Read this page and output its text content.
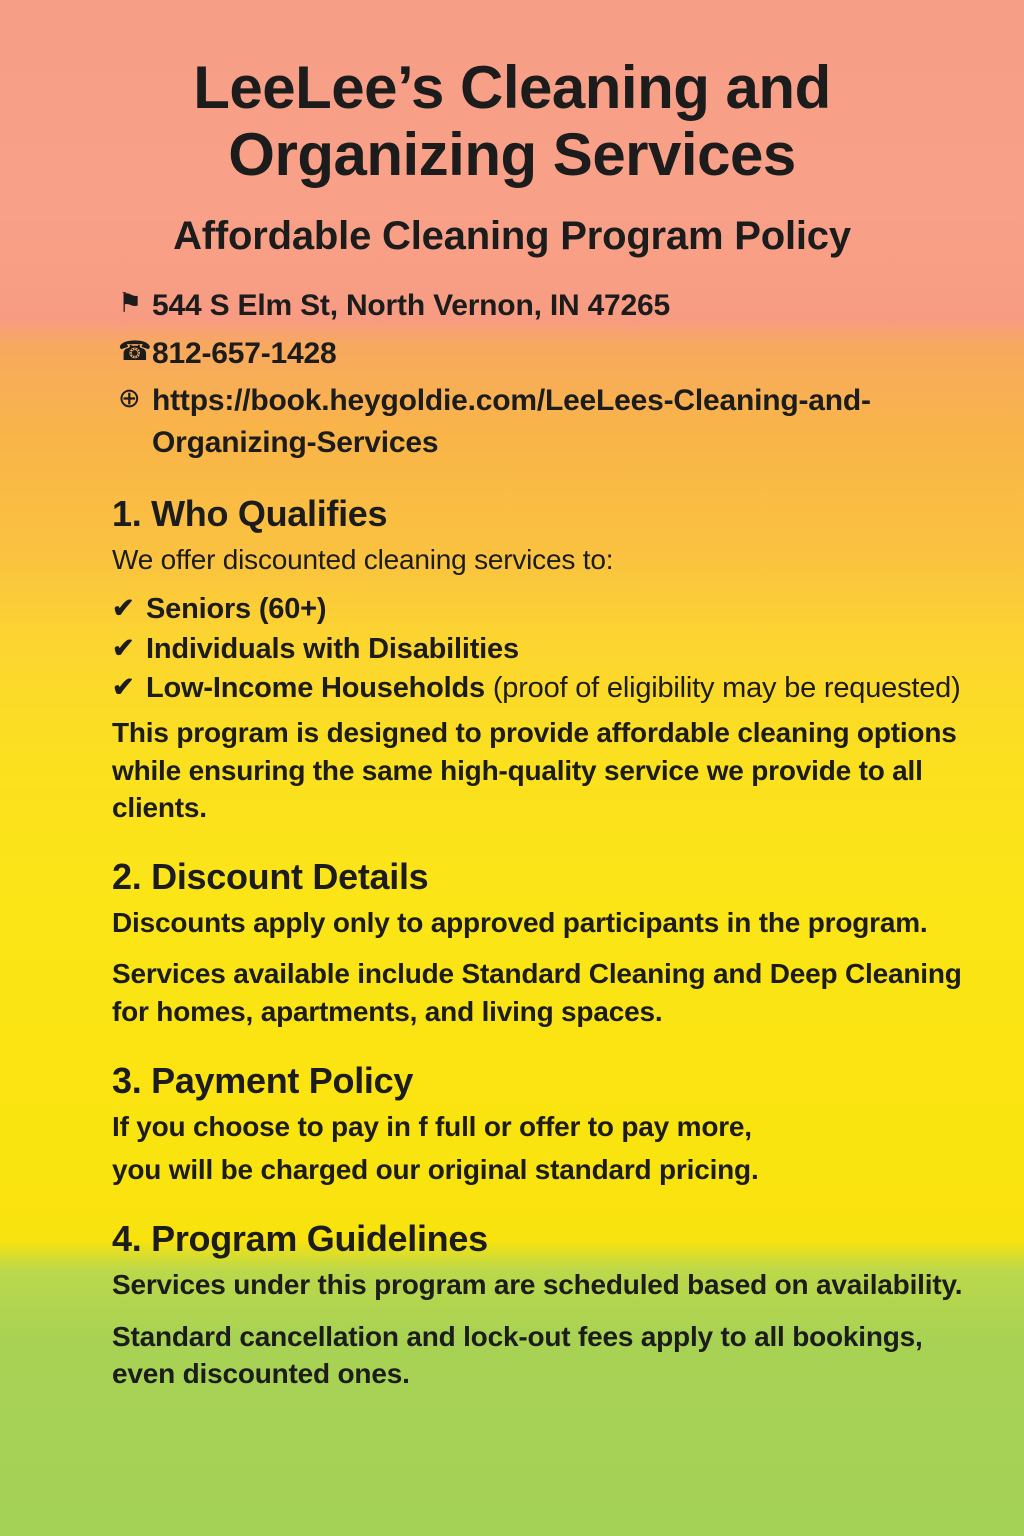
LeeLee’s Cleaning and Organizing Services
Affordable Cleaning Program Policy
⚑ 544 S Elm St, North Vernon, IN 47265
☎ 812-657-1428
⊕ https://book.heygoldie.com/LeeLees-Cleaning-and-Organizing-Services
1. Who Qualifies

We offer discounted cleaning services to:

✔ Seniors (60+)
✔ Individuals with Disabilities
✔ Low-Income Households (proof of eligibility may be requested)

This program is designed to provide affordable cleaning options while ensuring the same high-quality service we provide to all clients.

2. Discount Details

Discounts apply only to approved participants in the program.

Services available include Standard Cleaning and Deep Cleaning for homes, apartments, and living spaces.

3. Payment Policy

If you choose to pay in f full or offer to pay more,

you will be charged our original standard pricing.

4. Program Guidelines

Services under this program are scheduled based on availability.

Standard cancellation and lock-out fees apply to all bookings, even discounted ones.
